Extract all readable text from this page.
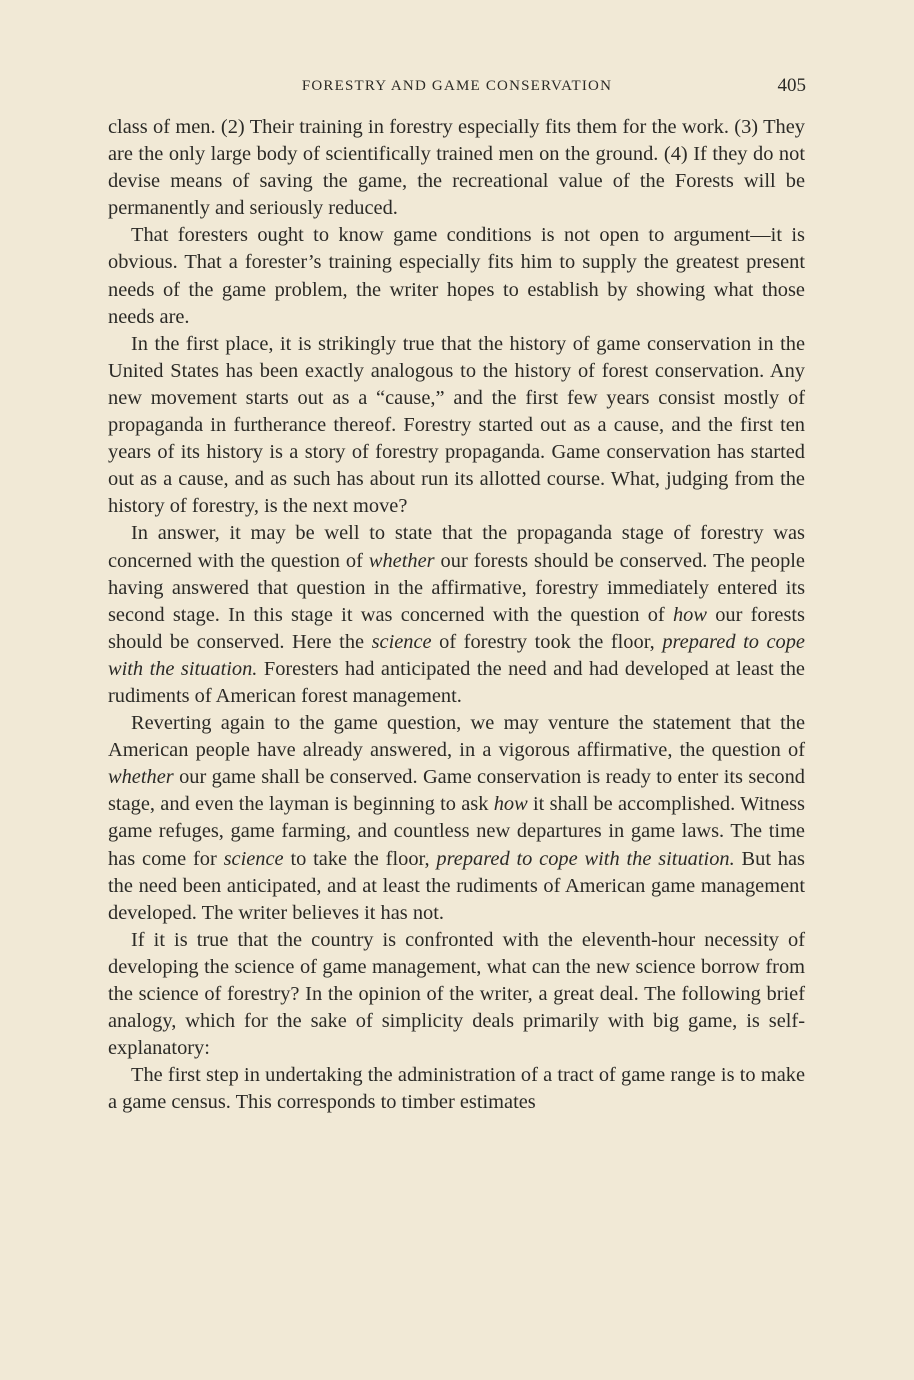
FORESTRY AND GAME CONSERVATION	405

class of men. (2) Their training in forestry especially fits them for the work. (3) They are the only large body of scientifically trained men on the ground. (4) If they do not devise means of saving the game, the recreational value of the Forests will be permanently and seriously reduced.

That foresters ought to know game conditions is not open to argument—it is obvious. That a forester’s training especially fits him to supply the greatest present needs of the game problem, the writer hopes to establish by showing what those needs are.

In the first place, it is strikingly true that the history of game conservation in the United States has been exactly analogous to the history of forest conservation. Any new movement starts out as a “cause,” and the first few years consist mostly of propaganda in furtherance thereof. Forestry started out as a cause, and the first ten years of its history is a story of forestry propaganda. Game conservation has started out as a cause, and as such has about run its allotted course. What, judging from the history of forestry, is the next move?

In answer, it may be well to state that the propaganda stage of forestry was concerned with the question of whether our forests should be conserved. The people having answered that question in the affirmative, forestry immediately entered its second stage. In this stage it was concerned with the question of how our forests should be conserved. Here the science of forestry took the floor, prepared to cope with the situation. Foresters had anticipated the need and had developed at least the rudiments of American forest management.

Reverting again to the game question, we may venture the statement that the American people have already answered, in a vigorous affirmative, the question of whether our game shall be conserved. Game conservation is ready to enter its second stage, and even the layman is beginning to ask how it shall be accomplished. Witness game refuges, game farming, and countless new departures in game laws. The time has come for science to take the floor, prepared to cope with the situation. But has the need been anticipated, and at least the rudiments of American game management developed. The writer believes it has not.

If it is true that the country is confronted with the eleventh-hour necessity of developing the science of game management, what can the new science borrow from the science of forestry? In the opinion of the writer, a great deal. The following brief analogy, which for the sake of simplicity deals primarily with big game, is self-explanatory:

The first step in undertaking the administration of a tract of game range is to make a game census. This corresponds to timber estimates
